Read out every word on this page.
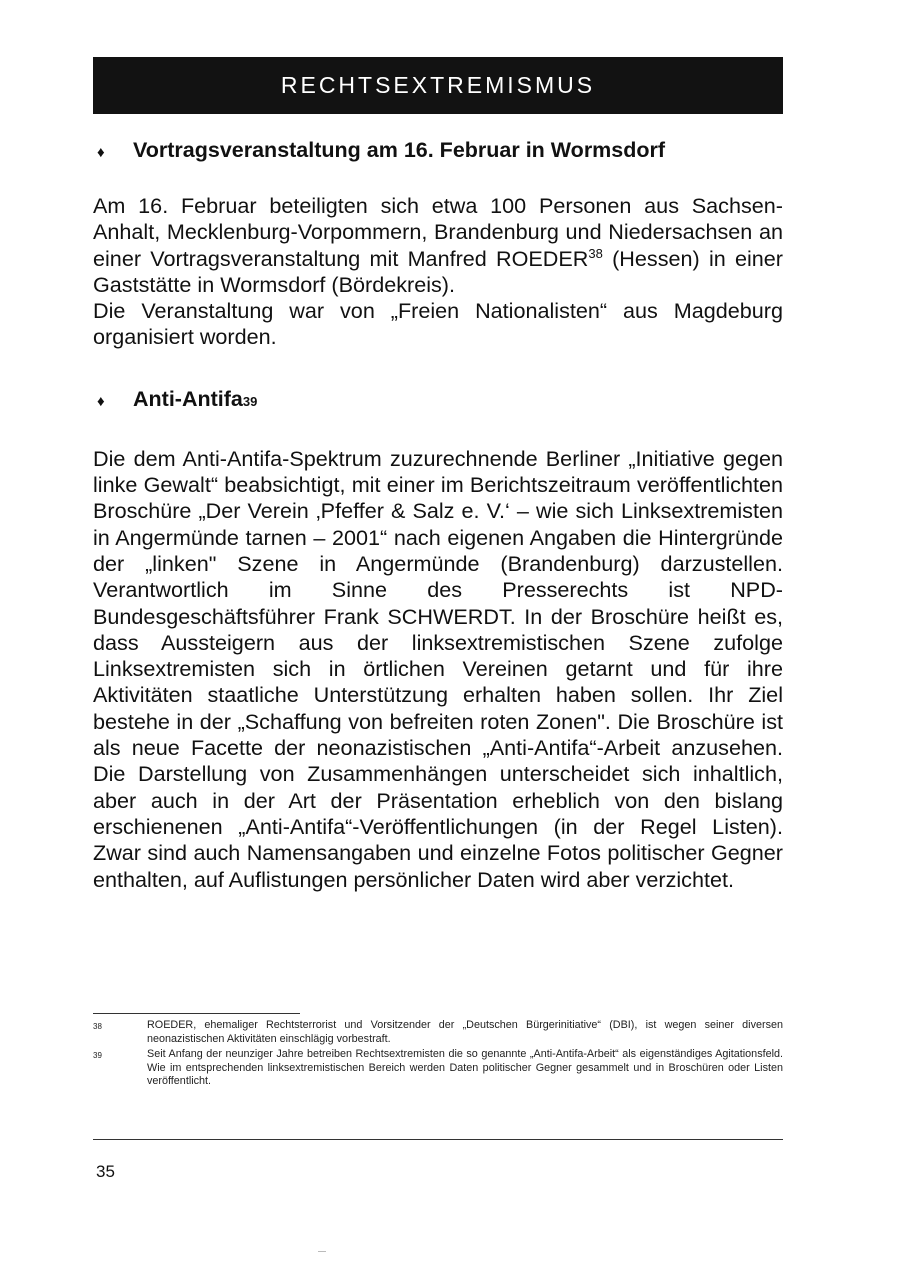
RECHTSEXTREMISMUS
♦	Vortragsveranstaltung am 16. Februar in Wormsdorf

Am 16. Februar beteiligten sich etwa 100 Personen aus Sachsen-Anhalt, Mecklenburg-Vorpommern, Brandenburg und Niedersachsen an einer Vortragsveranstaltung mit Manfred ROEDER$^{38}$ (Hessen) in einer Gaststätte in Wormsdorf (Bördekreis).

Die Veranstaltung war von „Freien Nationalisten“ aus Magdeburg organisiert worden.

♦	Anti-Antifa 39

Die dem Anti-Antifa-Spektrum zuzurechnende Berliner „Initiative gegen linke Gewalt“ beabsichtigt, mit einer im Berichtszeitraum veröffentlichten Broschüre „Der Verein ‚Pfeffer & Salz e. V.‘ – wie sich Linksextremisten in Angermünde tarnen – 2001“ nach eigenen Angaben die Hintergründe der „linken" Szene in Angermünde (Brandenburg) darzustellen. Verantwortlich im Sinne des Presserechts ist NPD-Bundesgeschäftsführer Frank SCHWERDT. In der Broschüre heißt es, dass Aussteigern aus der linksextremistischen Szene zufolge Linksextremisten sich in örtlichen Vereinen getarnt und für ihre Aktivitäten staatliche Unterstützung erhalten haben sollen. Ihr Ziel bestehe in der „Schaffung von befreiten roten Zonen". Die Broschüre ist als neue Facette der neonazistischen „Anti-Antifa“-Arbeit anzusehen. Die Darstellung von Zusammenhängen unterscheidet sich inhaltlich, aber auch in der Art der Präsentation erheblich von den bislang erschienenen „Anti-Antifa“-Veröffentlichungen (in der Regel Listen). Zwar sind auch Namensangaben und einzelne Fotos politischer Gegner enthalten, auf Auflistungen persönlicher Daten wird aber verzichtet.

38	ROEDER, ehemaliger Rechtsterrorist und Vorsitzender der „Deutschen Bürgerinitiative“ (DBI), ist wegen seiner diversen neonazistischen Aktivitäten einschlägig vorbestraft.
39	Seit Anfang der neunziger Jahre betreiben Rechtsextremisten die so genannte „Anti-Antifa-Arbeit“ als eigenständiges Agitationsfeld. Wie im entsprechenden linksextremistischen Bereich werden Daten politischer Gegner gesammelt und in Broschüren oder Listen veröffentlicht.
35
